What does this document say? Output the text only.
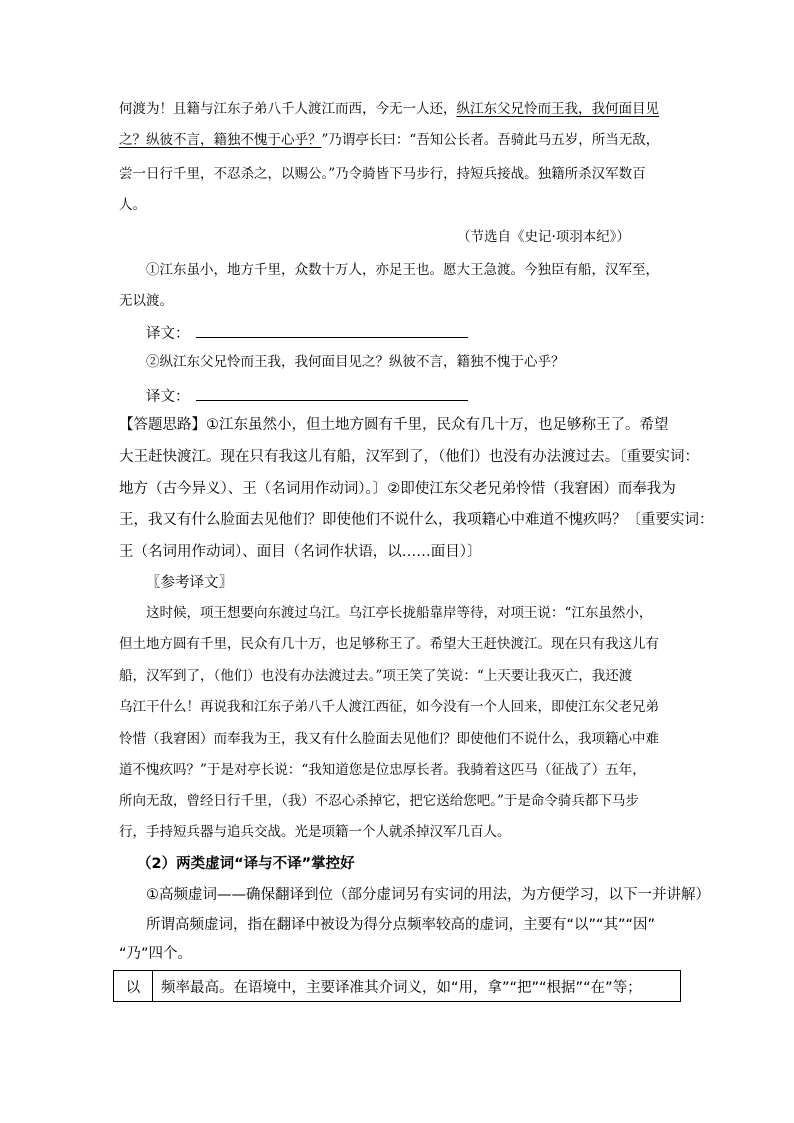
何渡为！且籍与江东子弟八千人渡江而西，今无一人还，纵江东父兄怜而王我，我何面目见
之？纵彼不言，籍独不愧于心乎？”乃谓亭长曰：“吾知公长者。吾骑此马五岁，所当无敌，
尝一日行千里，不忍杀之，以赐公。”乃令骑皆下马步行，持短兵接战。独籍所杀汉军数百
人。
（节选自《史记·项羽本纪》）
①江东虽小，地方千里，众数十万人，亦足王也。愿大王急渡。今独臣有船，汉军至，
无以渡。
译文：
②纵江东父兄怜而王我，我何面目见之？纵彼不言，籍独不愧于心乎？
译文：
【答题思路】①江东虽然小，但土地方圆有千里，民众有几十万，也足够称王了。希望
大王赶快渡江。现在只有我这儿有船，汉军到了，（他们）也没有办法渡过去。〔重要实词：
地方（古今异义）、王（名词用作动词）。〕②即使江东父老兄弟怜惜（我窘困）而奉我为
王，我又有什么脸面去见他们？即使他们不说什么，我项籍心中难道不愧疚吗？〔重要实词：
王（名词用作动词）、面目（名词作状语，以……面目）〕
〖参考译文〗
这时候，项王想要向东渡过乌江。乌江亭长拢船靠岸等待，对项王说：“江东虽然小，
但土地方圆有千里，民众有几十万，也足够称王了。希望大王赶快渡江。现在只有我这儿有
船，汉军到了，（他们）也没有办法渡过去。”项王笑了笑说：“上天要让我灭亡，我还渡
乌江干什么！再说我和江东子弟八千人渡江西征，如今没有一个人回来，即使江东父老兄弟
怜惜（我窘困）而奉我为王，我又有什么脸面去见他们？即使他们不说什么，我项籍心中难
道不愧疚吗？”于是对亭长说：“我知道您是位忠厚长者。我骑着这匹马（征战了）五年，
所向无敌，曾经日行千里，（我）不忍心杀掉它，把它送给您吧。”于是命令骑兵都下马步
行，手持短兵器与追兵交战。光是项籍一个人就杀掉汉军几百人。
（2）两类虚词“译与不译”掌控好
①高频虚词——确保翻译到位（部分虚词另有实词的用法，为方便学习，以下一并讲解）
所谓高频虚词，指在翻译中被设为得分点频率较高的虚词，主要有“以”“其”“因”
“乃”四个。
以	频率最高。在语境中，主要译准其介词义，如“用，拿”“把”“根据”“在”等；
